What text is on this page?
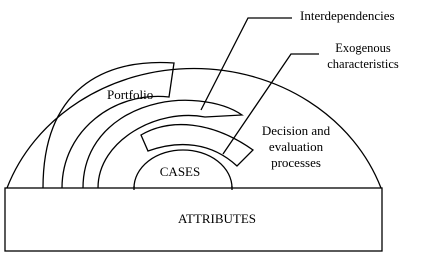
ATTRIBUTES
CASES
Portfolio
Interdependencies
Exogenous
characteristics
Decision and
evaluation
processes
